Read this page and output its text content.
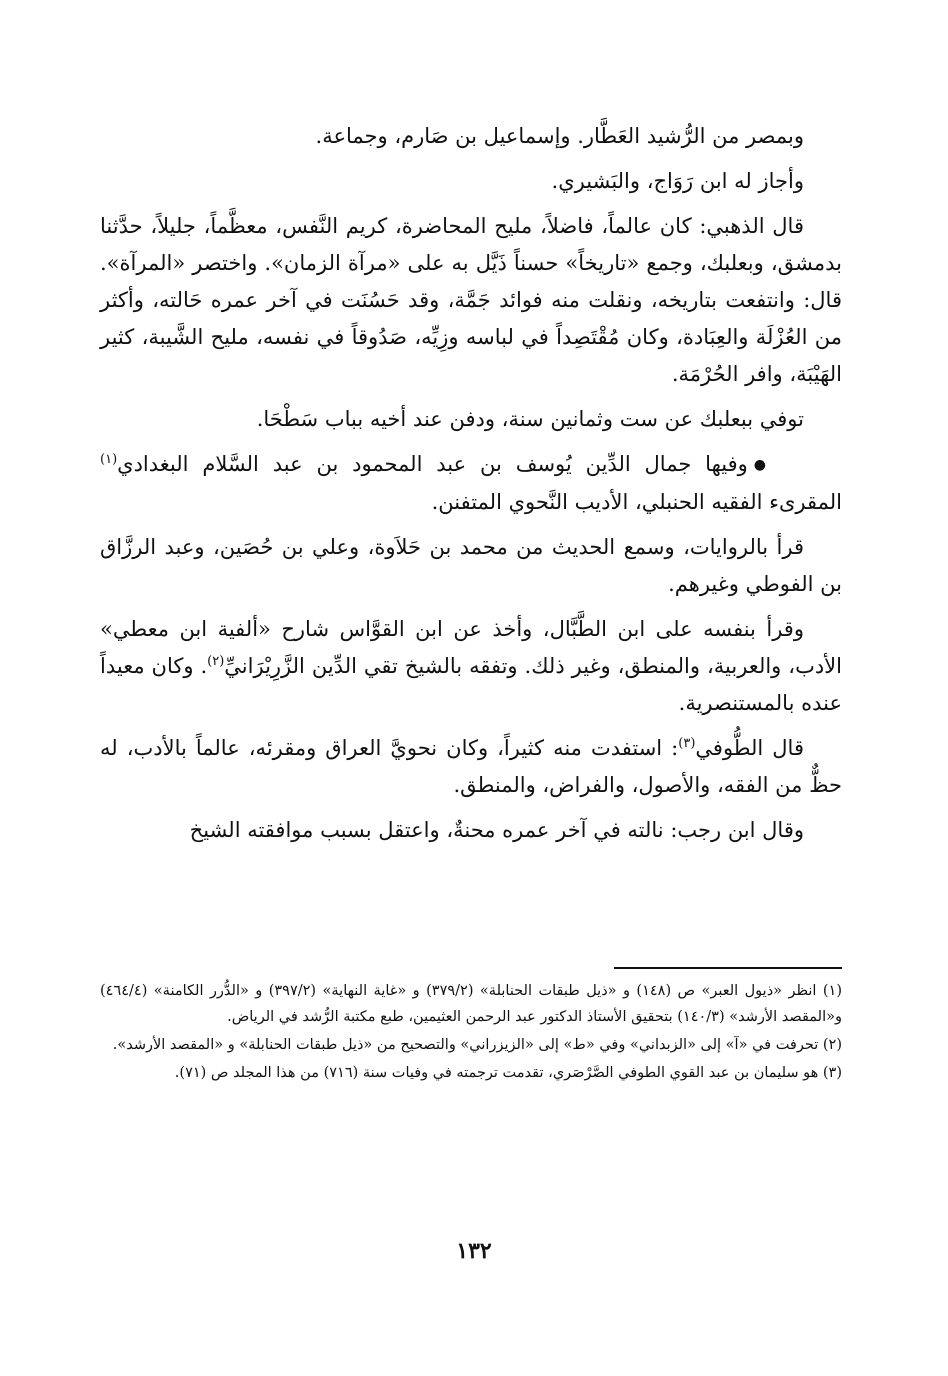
وبمصر من الرُّشيد العَطَّار. وإسماعيل بن صَارم، وجماعة.

وأجاز له ابن رَوَاج، والبَشيري.

قال الذهبي: كان عالماً، فاضلاً، مليح المحاضرة، كريم النَّفس، معظَّماً، جليلاً، حدَّثنا بدمشق، وبعلبك، وجمع «تاريخاً» حسناً ذَيَّل به على «مرآة الزمان». واختصر «المرآة». قال: وانتفعت بتاريخه، ونقلت منه فوائد جَمَّة، وقد حَسُنَت في آخر عمره حَالته، وأكثر من العُزْلَة والعِبَادة، وكان مُقْتَصِداً في لباسه وزِيِّه، صَدُوقاً في نفسه، مليح الشَّيبة، كثير الهَيْبَة، وافر الحُرْمَة.

توفي ببعلبك عن ست وثمانين سنة، ودفن عند أخيه بباب سَطْحَا.

●وفيها جمال الدِّين يُوسف بن عبد المحمود بن عبد السَّلام البغدادي$^{(١)}$ المقرىء الفقيه الحنبلي، الأديب النَّحوي المتفنن.

قرأ بالروايات، وسمع الحديث من محمد بن حَلاَوة، وعلي بن حُصَين، وعبد الرزَّاق بن الفوطي وغيرهم.

وقرأ بنفسه على ابن الطَّبَّال، وأخذ عن ابن القوَّاس شارح «ألفية ابن معطي» الأدب، والعربية، والمنطق، وغير ذلك. وتفقه بالشيخ تقي الدِّين الزَّرِيْرَانيِّ$^{(٢)}$. وكان معيداً عنده بالمستنصرية.

قال الطُّوفي$^{(٣)}$: استفدت منه كثيراً، وكان نحويَّ العراق ومقرئه، عالماً بالأدب، له حظٌّ من الفقه، والأصول، والفراض، والمنطق.

وقال ابن رجب: نالته في آخر عمره محنةٌ، واعتقل بسبب موافقته الشيخ

(١) انظر «ذيول العبر» ص (١٤٨) و «ذيل طبقات الحنابلة» (٣٧٩/٢) و «غاية النهاية» (٣٩٧/٢) و «الدُّرر الكامنة» (٤٦٤/٤) و«المقصد الأرشد» (١٤٠/٣) بتحقيق الأستاذ الدكتور عبد الرحمن العثيمين، طبع مكتبة الرُّشد في الرياض.

(٢) تحرفت في «آ» إلى «الزبداني» وفي «ط» إلى «الزيزراني» والتصحيح من «ذيل طبقات الحنابلة» و «المقصد الأرشد».

(٣) هو سليمان بن عبد القوي الطوفي الصَّرْصَري، تقدمت ترجمته في وفيات سنة (٧١٦) من هذا المجلد ص (٧١).

١٣٢
